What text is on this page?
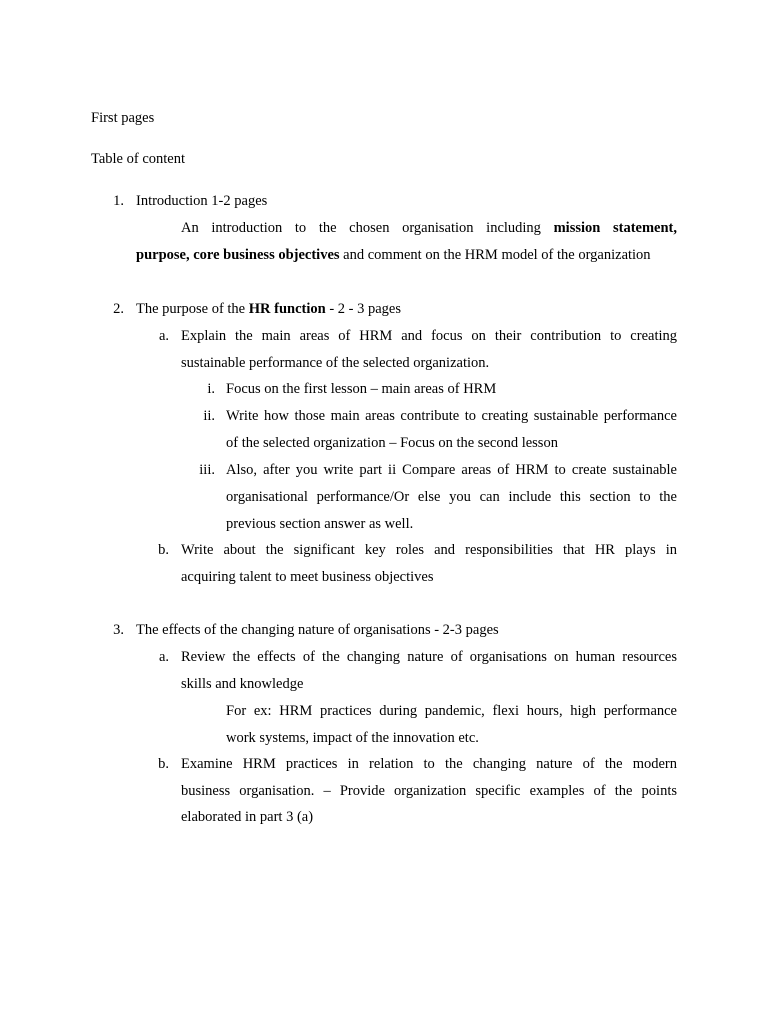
First pages
Table of content
1. Introduction 1-2 pages
An introduction to the chosen organisation including mission statement,
purpose, core business objectives and comment on the HRM model of the organization
2. The purpose of the HR function - 2 - 3 pages
a. Explain the main areas of HRM and focus on their contribution to creating
sustainable performance of the selected organization.
i. Focus on the first lesson – main areas of HRM
ii. Write how those main areas contribute to creating sustainable performance
of the selected organization – Focus on the second lesson
iii. Also, after you write part ii Compare areas of HRM to create sustainable
organisational performance/Or else you can include this section to the
previous section answer as well.
b. Write about the significant key roles and responsibilities that HR plays in
acquiring talent to meet business objectives
3. The effects of the changing nature of organisations - 2-3 pages
a. Review the effects of the changing nature of organisations on human resources
skills and knowledge
For ex: HRM practices during pandemic, flexi hours, high performance
work systems, impact of the innovation etc.
b. Examine HRM practices in relation to the changing nature of the modern
business organisation. – Provide organization specific examples of the points
elaborated in part 3 (a)
